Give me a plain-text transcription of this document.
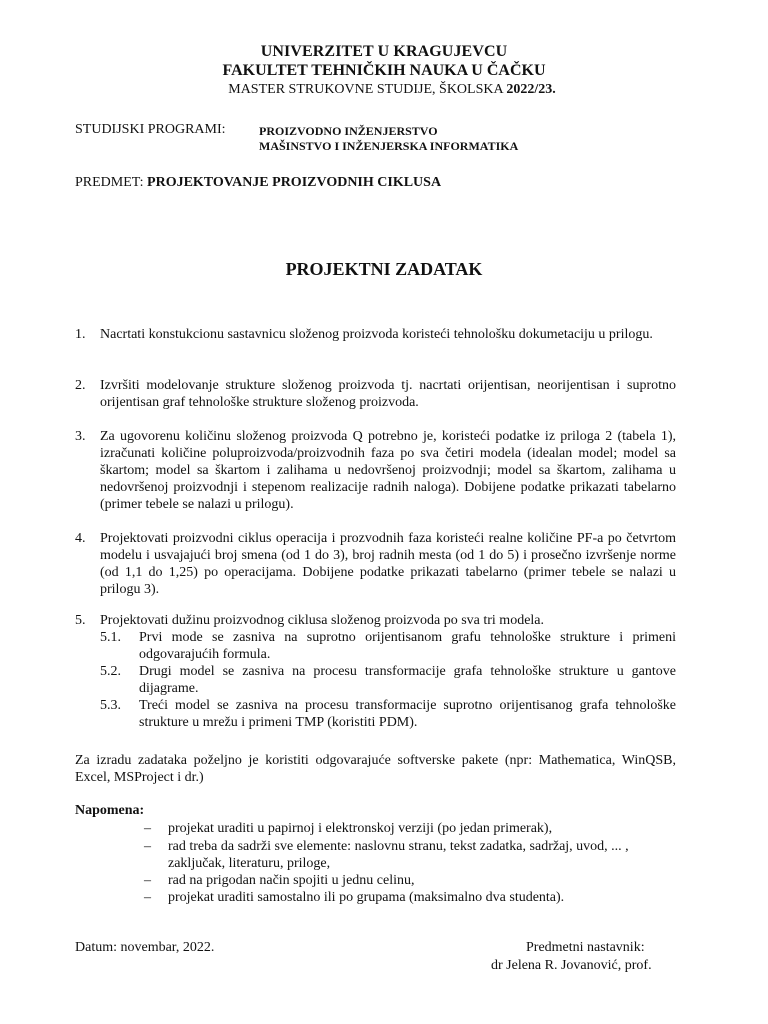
UNIVERZITET U KRAGUJEVCU
FAKULTET TEHNIČKIH NAUKA U ČAČKU
MASTER STRUKOVNE STUDIJE, ŠKOLSKA 2022/23.
STUDIJSKI PROGRAMI:	PROIZVODNO INŽENJERSTVO
MAŠINSTVO I INŽENJERSKA INFORMATIKA
PREDMET: PROJEKTOVANJE PROIZVODNIH CIKLUSA
PROJEKTNI ZADATAK
1. Nacrtati konstukcionu sastavnicu složenog proizvoda koristeći tehnološku dokumetaciju u prilogu.
2. Izvršiti modelovanje strukture složenog proizvoda tj. nacrtati orijentisan, neorijentisan i suprotno orijentisan graf tehnološke strukture složenog proizvoda.
3. Za ugovorenu količinu složenog proizvoda Q potrebno je, koristeći podatke iz priloga 2 (tabela 1), izračunati količine poluproizvoda/proizvodnih faza po sva četiri modela (idealan model; model sa škartom; model sa škartom i zalihama u nedovršenoj proizvodnji; model sa škartom, zalihama u nedovršenoj proizvodnji i stepenom realizacije radnih naloga). Dobijene podatke prikazati tabelarno (primer tebele se nalazi u prilogu).
4. Projektovati proizvodni ciklus operacija i prozvodnih faza koristeći realne količine PF-a po četvrtom modelu i usvajajući broj smena (od 1 do 3), broj radnih mesta (od 1 do 5) i prosečno izvršenje norme (od 1,1 do 1,25) po operacijama. Dobijene podatke prikazati tabelarno (primer tebele se nalazi u prilogu 3).
5. Projektovati dužinu proizvodnog ciklusa složenog proizvoda po sva tri modela.
5.1. Prvi mode se zasniva na suprotno orijentisanom grafu tehnološke strukture i primeni odgovarajućih formula.
5.2. Drugi model se zasniva na procesu transformacije grafa tehnološke strukture u gantove dijagrame.
5.3. Treći model se zasniva na procesu transformacije suprotno orijentisanog grafa tehnološke strukture u mrežu i primeni TMP (koristiti PDM).
Za izradu zadataka poželjno je koristiti odgovarajuće softverske pakete (npr: Mathematica, WinQSB, Excel, MSProject i dr.)
Napomena:
– projekat uraditi u papirnoj i elektronskoj verziji (po jedan primerak),
– rad treba da sadrži sve elemente: naslovnu stranu, tekst zadatka, sadržaj, uvod, ... , zaključak, literaturu, priloge,
– rad na prigodan način spojiti u jednu celinu,
– projekat uraditi samostalno ili po grupama (maksimalno dva studenta).
Datum: novembar, 2022.	Predmetni nastavnik:
dr Jelena R. Jovanović, prof.
